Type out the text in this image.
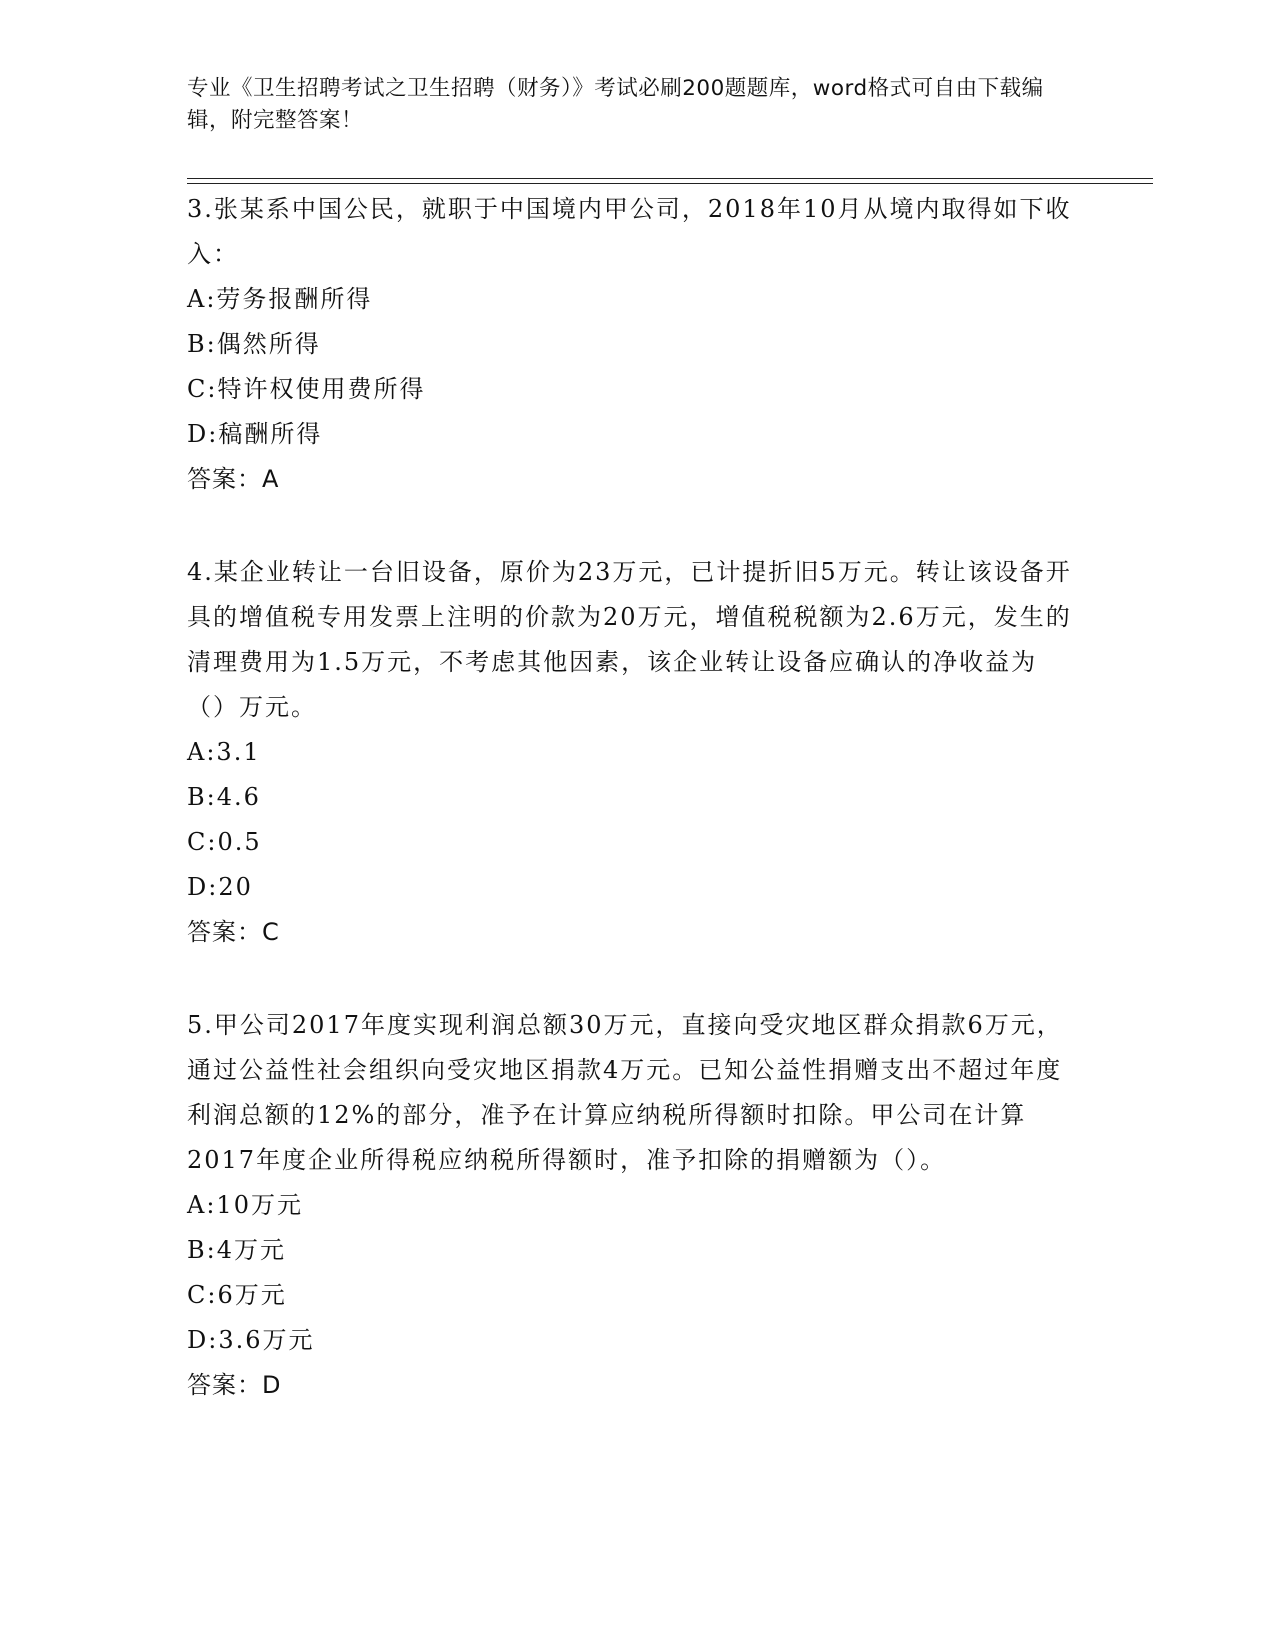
专业《卫生招聘考试之卫生招聘（财务）》考试必刷200题题库，word格式可自由下载编辑，附完整答案！

3.张某系中国公民，就职于中国境内甲公司，2018年10月从境内取得如下收入：

A:劳务报酬所得

B:偶然所得

C:特许权使用费所得

D:稿酬所得

答案：A

4.某企业转让一台旧设备，原价为23万元，已计提折旧5万元。转让该设备开具的增值税专用发票上注明的价款为20万元，增值税税额为2.6万元，发生的清理费用为1.5万元，不考虑其他因素，该企业转让设备应确认的净收益为（）万元。

A:3.1

B:4.6

C:0.5

D:20

答案：C

5.甲公司2017年度实现利润总额30万元，直接向受灾地区群众捐款6万元，通过公益性社会组织向受灾地区捐款4万元。已知公益性捐赠支出不超过年度利润总额的12%的部分，准予在计算应纳税所得额时扣除。甲公司在计算2017年度企业所得税应纳税所得额时，准予扣除的捐赠额为（）。

A:10万元

B:4万元

C:6万元

D:3.6万元

答案：D
